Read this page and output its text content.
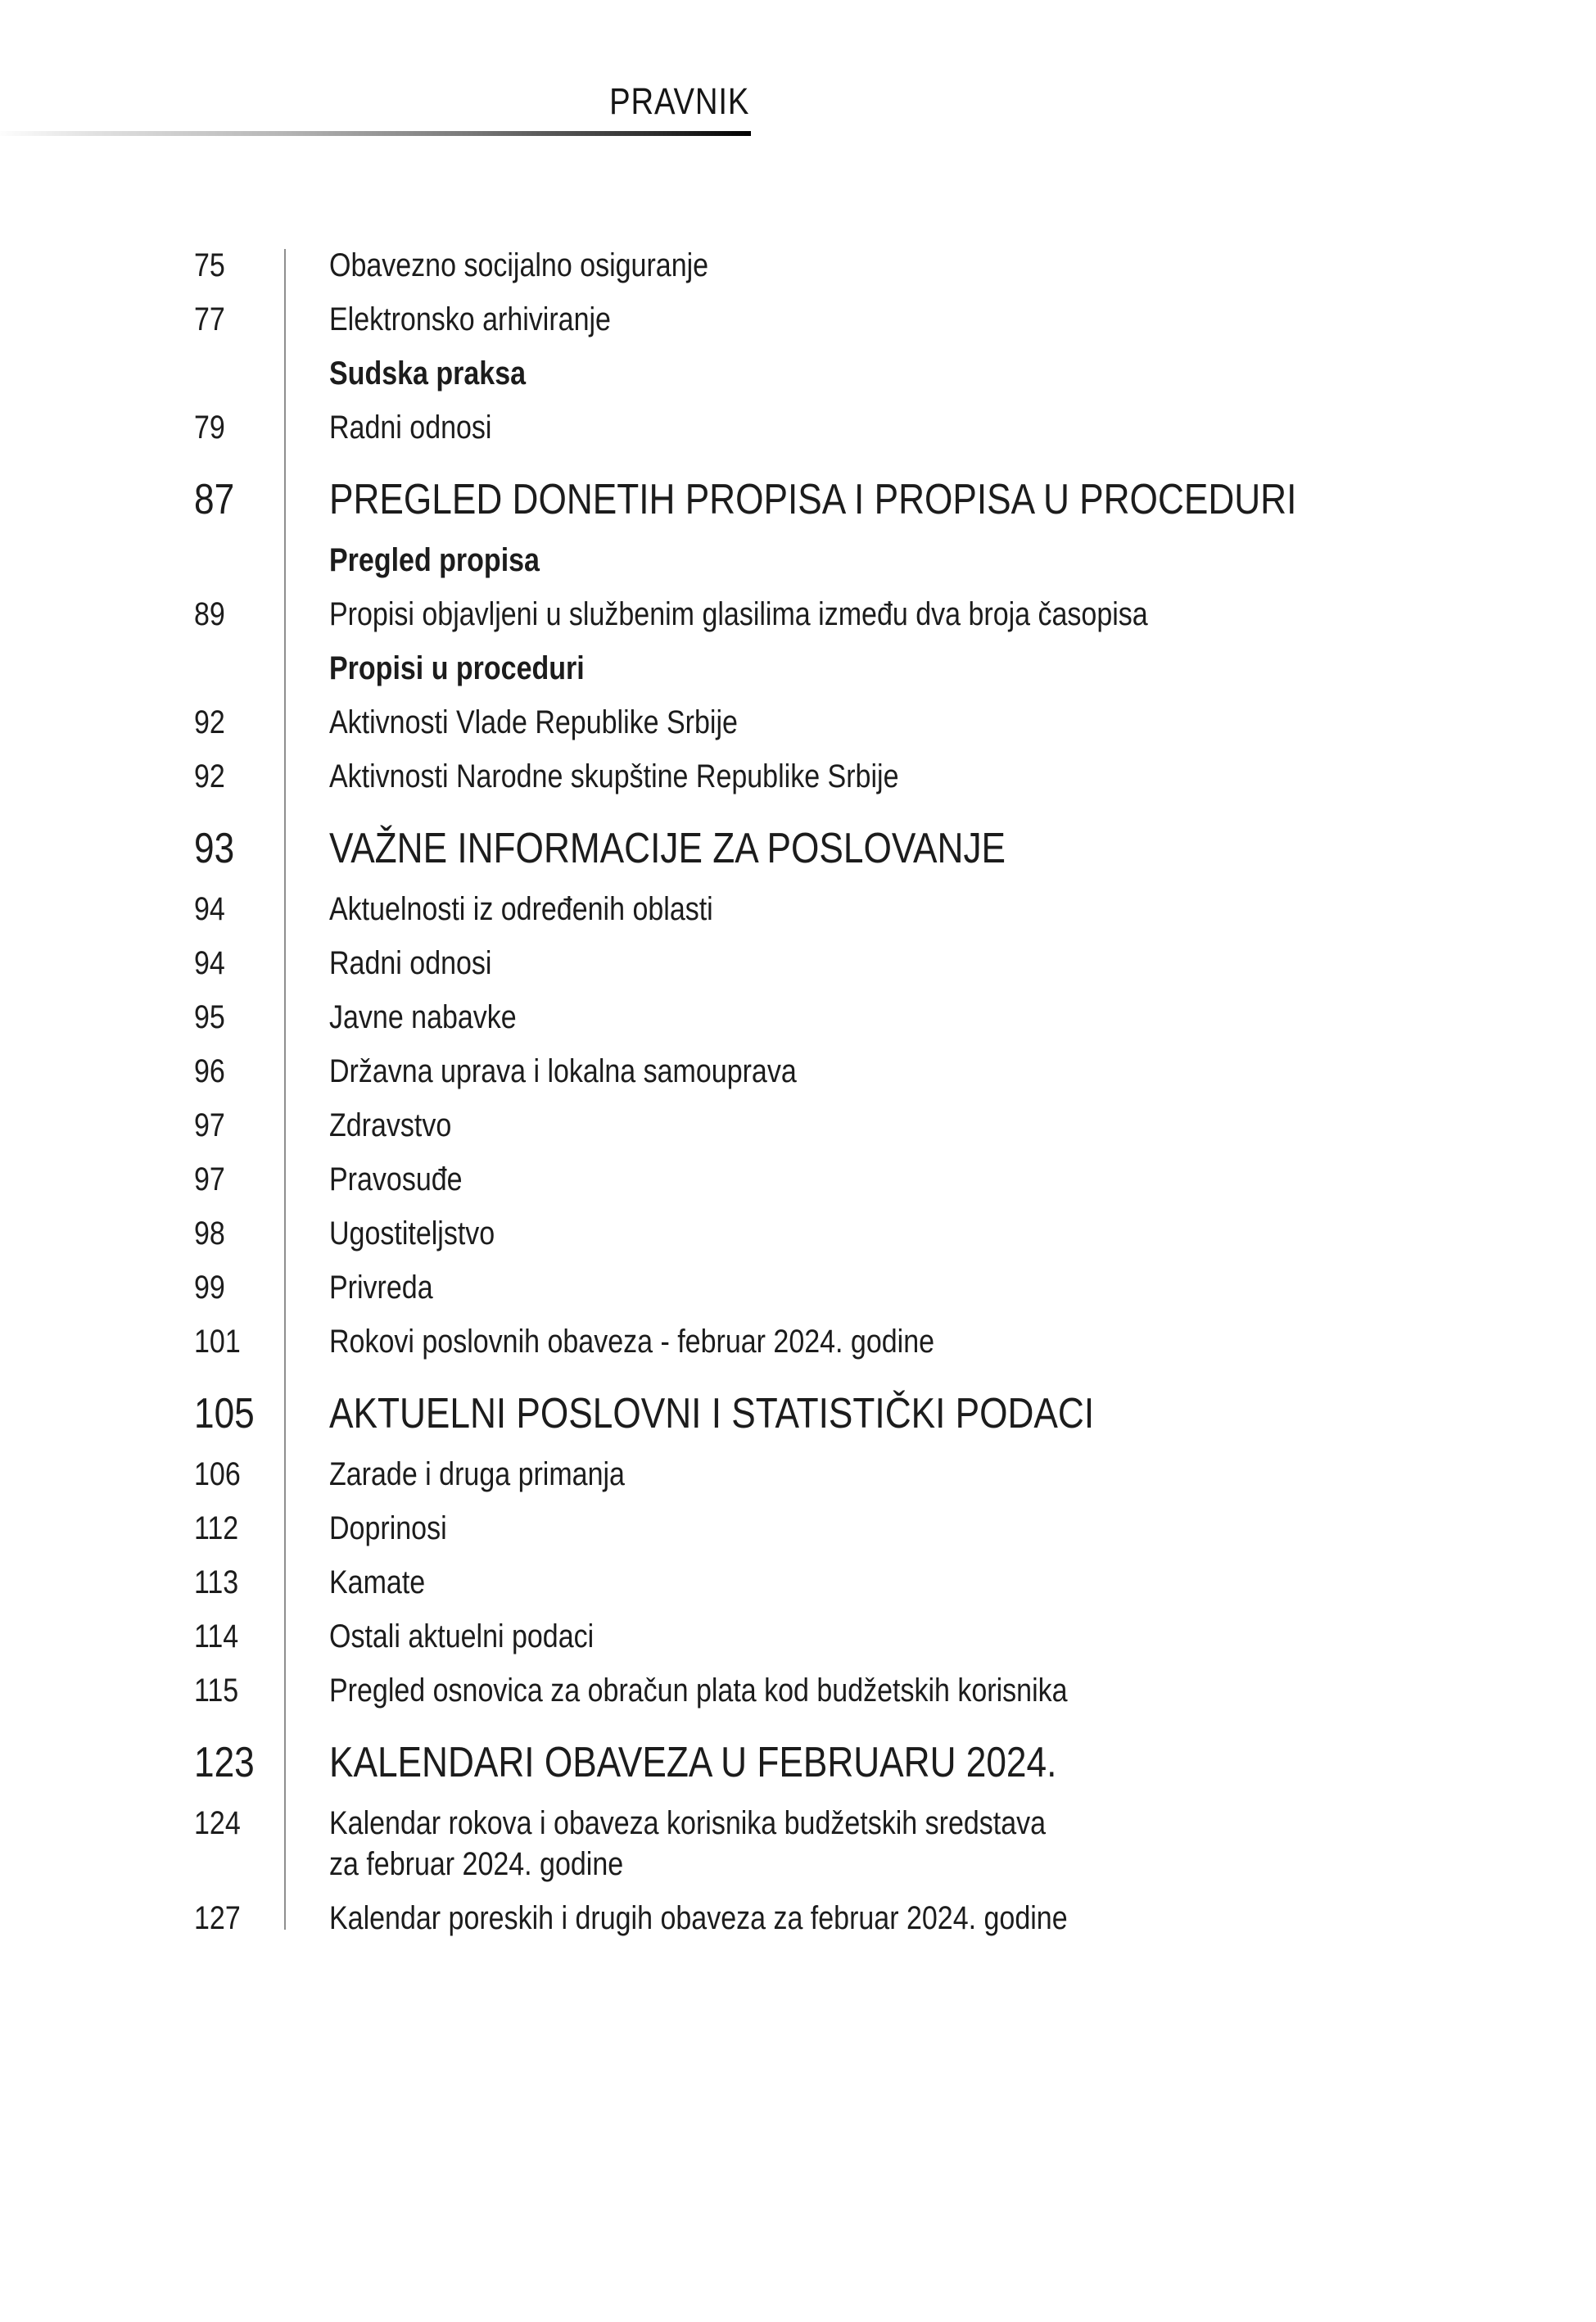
PRAVNIK
75	Obavezno socijalno osiguranje
77	Elektronsko arhiviranje
Sudska praksa
79	Radni odnosi
87	PREGLED DONETIH PROPISA I PROPISA U PROCEDURI
Pregled propisa
89	Propisi objavljeni u službenim glasilima između dva broja časopisa
Propisi u proceduri
92	Aktivnosti Vlade Republike Srbije
92	Aktivnosti Narodne skupštine Republike Srbije
93	VAŽNE INFORMACIJE ZA POSLOVANJE
94	Aktuelnosti iz određenih oblasti
94	Radni odnosi
95	Javne nabavke
96	Državna uprava i lokalna samouprava
97	Zdravstvo
97	Pravosuđe
98	Ugostiteljstvo
99	Privreda
101	Rokovi poslovnih obaveza - februar 2024. godine
105	AKTUELNI POSLOVNI I STATISTIČKI PODACI
106	Zarade i druga primanja
112	Doprinosi
113	Kamate
114	Ostali aktuelni podaci
115	Pregled osnovica za obračun plata kod budžetskih korisnika
123	KALENDARI OBAVEZA U FEBRUARU 2024.
124	Kalendar rokova i obaveza korisnika budžetskih sredstava
za februar 2024. godine
127	Kalendar poreskih i drugih obaveza za februar 2024. godine
